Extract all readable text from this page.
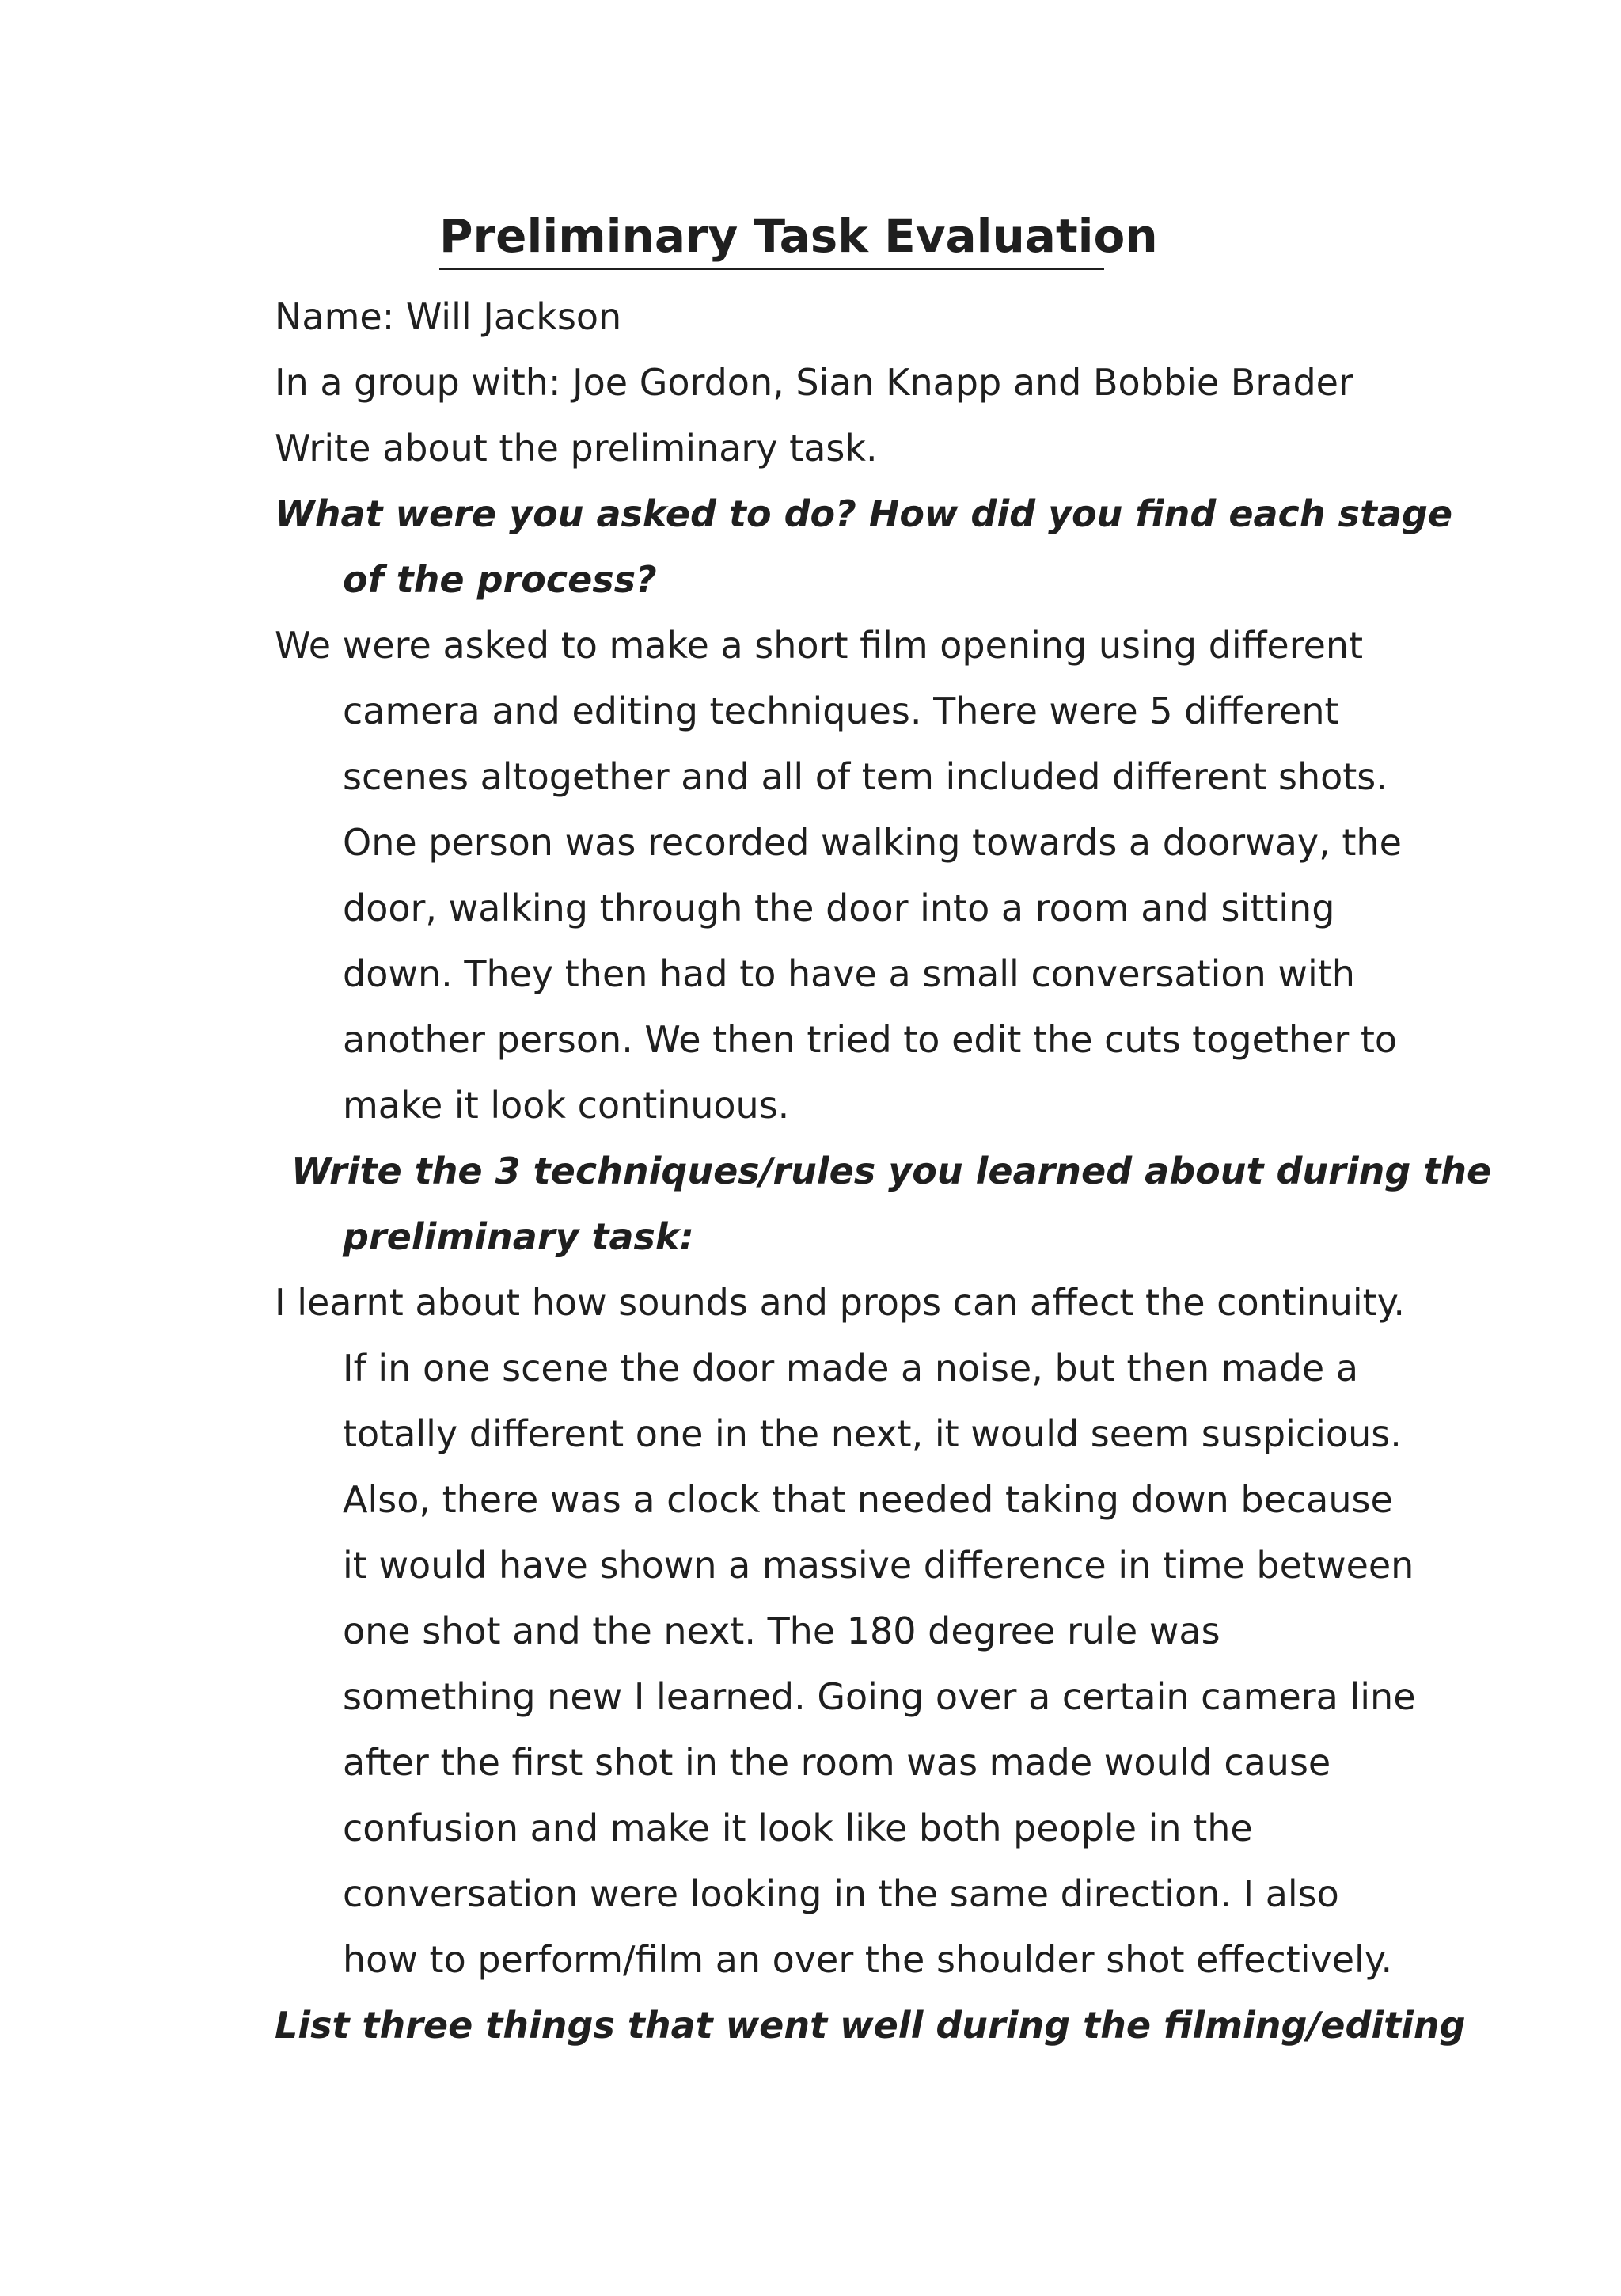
Preliminary Task Evaluation
Name: Will Jackson
In a group with: Joe Gordon, Sian Knapp and Bobbie Brader
Write about the preliminary task.
What were you asked to do? How did you find each stage
of the process?
We were asked to make a short film opening using different
camera and editing techniques. There were 5 different
scenes altogether and all of tem included different shots.
One person was recorded walking towards a doorway, the
door, walking through the door into a room and sitting
down. They then had to have a small conversation with
another person. We then tried to edit the cuts together to
make it look continuous.
Write the 3 techniques/rules you learned about during the
preliminary task:
I learnt about how sounds and props can affect the continuity.
If in one scene the door made a noise, but then made a
totally different one in the next, it would seem suspicious.
Also, there was a clock that needed taking down because
it would have shown a massive difference in time between
one shot and the next. The 180 degree rule was
something new I learned. Going over a certain camera line
after the first shot in the room was made would cause
confusion and make it look like both people in the
conversation were looking in the same direction. I also
how to perform/film an over the shoulder shot effectively.
List three things that went well during the filming/editing
